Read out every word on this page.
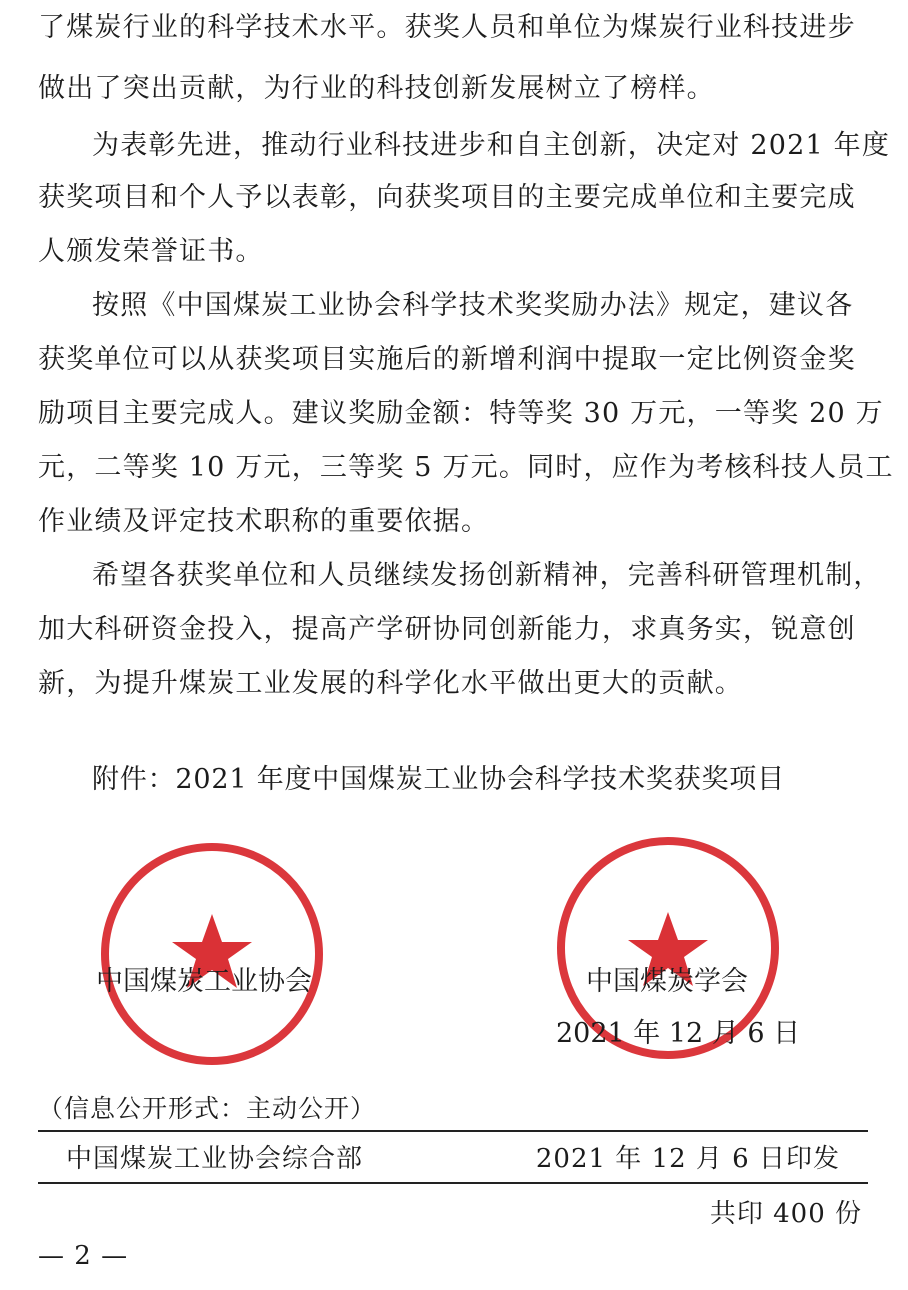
了煤炭行业的科学技术水平。获奖人员和单位为煤炭行业科技进步
做出了突出贡献，为行业的科技创新发展树立了榜样。
为表彰先进，推动行业科技进步和自主创新，决定对 2021 年度
获奖项目和个人予以表彰，向获奖项目的主要完成单位和主要完成
人颁发荣誉证书。
按照《中国煤炭工业协会科学技术奖奖励办法》规定，建议各
获奖单位可以从获奖项目实施后的新增利润中提取一定比例资金奖
励项目主要完成人。建议奖励金额：特等奖 30 万元，一等奖 20 万
元，二等奖 10 万元，三等奖 5 万元。同时，应作为考核科技人员工
作业绩及评定技术职称的重要依据。
希望各获奖单位和人员继续发扬创新精神，完善科研管理机制，
加大科研资金投入，提高产学研协同创新能力，求真务实，锐意创
新，为提升煤炭工业发展的科学化水平做出更大的贡献。
附件：2021 年度中国煤炭工业协会科学技术奖获奖项目
中国煤炭工业协会	中国煤炭学会
2021 年 12 月 6 日
（信息公开形式：主动公开）
中国煤炭工业协会综合部	2021 年 12 月 6 日印发
共印 400 份
— 2 —
